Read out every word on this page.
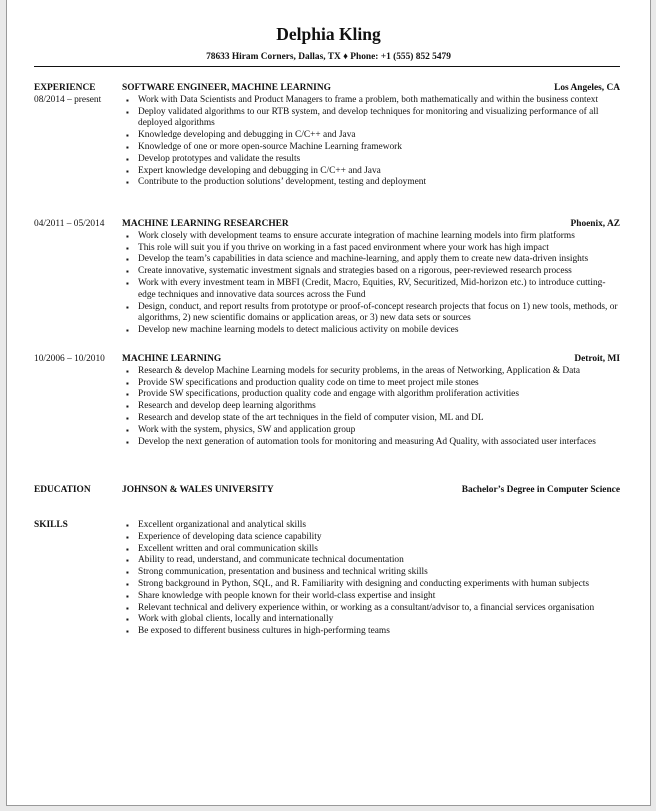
Delphia Kling
78633 Hiram Corners, Dallas, TX ♦ Phone: +1 (555) 852 5479
EXPERIENCE
08/2014 – present
SOFTWARE ENGINEER, MACHINE LEARNING	Los Angeles, CA
▪ Work with Data Scientists and Product Managers to frame a problem, both mathematically and within the business context
▪ Deploy validated algorithms to our RTB system, and develop techniques for monitoring and visualizing performance of all deployed algorithms
▪ Knowledge developing and debugging in C/C++ and Java
▪ Knowledge of one or more open-source Machine Learning framework
▪ Develop prototypes and validate the results
▪ Expert knowledge developing and debugging in C/C++ and Java
▪ Contribute to the production solutions’ development, testing and deployment
04/2011 – 05/2014	MACHINE LEARNING RESEARCHER	Phoenix, AZ
▪ Work closely with development teams to ensure accurate integration of machine learning models into firm platforms
▪ This role will suit you if you thrive on working in a fast paced environment where your work has high impact
▪ Develop the team’s capabilities in data science and machine-learning, and apply them to create new data-driven insights
▪ Create innovative, systematic investment signals and strategies based on a rigorous, peer-reviewed research process
▪ Work with every investment team in MBFI (Credit, Macro, Equities, RV, Securitized, Mid-horizon etc.) to introduce cutting-edge techniques and innovative data sources across the Fund
▪ Design, conduct, and report results from prototype or proof-of-concept research projects that focus on 1) new tools, methods, or algorithms, 2) new scientific domains or application areas, or 3) new data sets or sources
▪ Develop new machine learning models to detect malicious activity on mobile devices
10/2006 – 10/2010	MACHINE LEARNING	Detroit, MI
▪ Research & develop Machine Learning models for security problems, in the areas of Networking, Application & Data
▪ Provide SW specifications and production quality code on time to meet project mile stones
▪ Provide SW specifications, production quality code and engage with algorithm proliferation activities
▪ Research and develop deep learning algorithms
▪ Research and develop state of the art techniques in the field of computer vision, ML and DL
▪ Work with the system, physics, SW and application group
▪ Develop the next generation of automation tools for monitoring and measuring Ad Quality, with associated user interfaces
EDUCATION	JOHNSON & WALES UNIVERSITY	Bachelor’s Degree in Computer Science
SKILLS	▪ Excellent organizational and analytical skills
▪ Experience of developing data science capability
▪ Excellent written and oral communication skills
▪ Ability to read, understand, and communicate technical documentation
▪ Strong communication, presentation and business and technical writing skills
▪ Strong background in Python, SQL, and R. Familiarity with designing and conducting experiments with human subjects
▪ Share knowledge with people known for their world-class expertise and insight
▪ Relevant technical and delivery experience within, or working as a consultant/advisor to, a financial services organisation
▪ Work with global clients, locally and internationally
▪ Be exposed to different business cultures in high-performing teams
